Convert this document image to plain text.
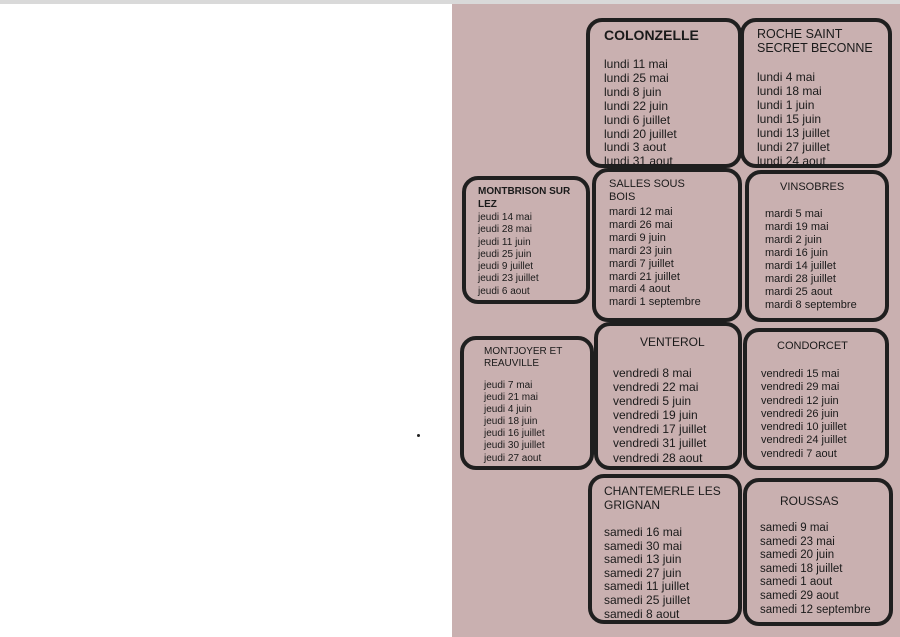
COLONZELLE
lundi 11 mai
lundi 25 mai
lundi 8 juin
lundi 22 juin
lundi 6 juillet
lundi 20 juillet
lundi 3 aout
lundi 31 aout
ROCHE SAINT
SECRET BECONNE
lundi 4 mai
lundi 18 mai
lundi 1 juin
lundi 15 juin
lundi 13 juillet
lundi 27 juillet
lundi 24 aout
MONTBRISON SUR
LEZ
jeudi 14 mai
jeudi 28 mai
jeudi 11 juin
jeudi 25 juin
jeudi 9 juillet
jeudi 23 juillet
jeudi 6 aout
SALLES SOUS
BOIS
mardi 12 mai
mardi 26 mai
mardi 9 juin
mardi 23 juin
mardi 7 juillet
mardi 21 juillet
mardi 4 aout
mardi 1 septembre
VINSOBRES
mardi 5 mai
mardi 19 mai
mardi 2 juin
mardi 16 juin
mardi 14 juillet
mardi 28 juillet
mardi 25 aout
mardi 8 septembre
MONTJOYER ET
REAUVILLE
jeudi 7 mai
jeudi 21 mai
jeudi 4 juin
jeudi 18 juin
jeudi 16 juillet
jeudi 30 juillet
jeudi 27 aout
VENTEROL
vendredi 8 mai
vendredi 22 mai
vendredi 5 juin
vendredi 19 juin
vendredi 17 juillet
vendredi 31 juillet
vendredi 28 aout
CONDORCET
vendredi 15 mai
vendredi 29 mai
vendredi 12 juin
vendredi 26 juin
vendredi 10 juillet
vendredi 24 juillet
vendredi 7 aout
CHANTEMERLE LES
GRIGNAN
samedi 16 mai
samedi 30 mai
samedi 13 juin
samedi 27 juin
samedi 11 juillet
samedi 25 juillet
samedi 8 aout
ROUSSAS
samedi 9 mai
samedi 23 mai
samedi 20 juin
samedi 18 juillet
samedi 1 aout
samedi 29 aout
samedi 12 septembre
